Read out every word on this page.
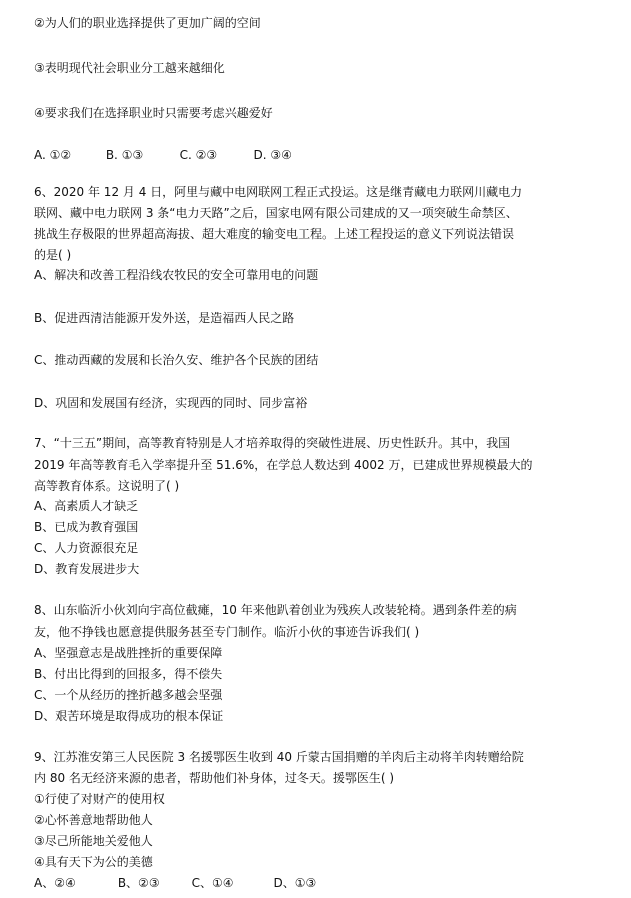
②为人们的职业选择提供了更加广阔的空间
③表明现代社会职业分工越来越细化
④要求我们在选择职业时只需要考虑兴趣爱好
A. ①②	B. ①③	C. ②③	D. ③④
6、2020 年 12 月 4 日，阿里与藏中电网联网工程正式投运。这是继青藏电力联网川藏电力
联网、藏中电力联网 3 条“电力天路”之后，国家电网有限公司建成的又一项突破生命禁区、
挑战生存极限的世界超高海拔、超大难度的输变电工程。上述工程投运的意义下列说法错误
的是( )
A、解决和改善工程沿线农牧民的安全可靠用电的问题
B、促进西清洁能源开发外送，是造福西人民之路
C、推动西藏的发展和长治久安、维护各个民族的团结
D、巩固和发展国有经济，实现西的同时、同步富裕
7、“十三五”期间，高等教育特别是人才培养取得的突破性进展、历史性跃升。其中，我国
2019 年高等教育毛入学率提升至 51.6%，在学总人数达到 4002 万，已建成世界规模最大的
高等教育体系。这说明了( )
A、高素质人才缺乏
B、已成为教育强国
C、人力资源很充足
D、教育发展进步大
8、山东临沂小伙刘向宇高位截瘫，10 年来他趴着创业为残疾人改装轮椅。遇到条件差的病
友，他不挣钱也愿意提供服务甚至专门制作。临沂小伙的事迹告诉我们( )
A、坚强意志是战胜挫折的重要保障
B、付出比得到的回报多，得不偿失
C、一个从经历的挫折越多越会坚强
D、艰苦环境是取得成功的根本保证
9、江苏淮安第三人民医院 3 名援鄂医生收到 40 斤蒙古国捐赠的羊肉后主动将羊肉转赠给院
内 80 名无经济来源的患者，帮助他们补身体，过冬天。援鄂医生( )
①行使了对财产的使用权
②心怀善意地帮助他人
③尽己所能地关爱他人
④具有天下为公的美德
A、②④	B、②③	C、①④	D、①③
